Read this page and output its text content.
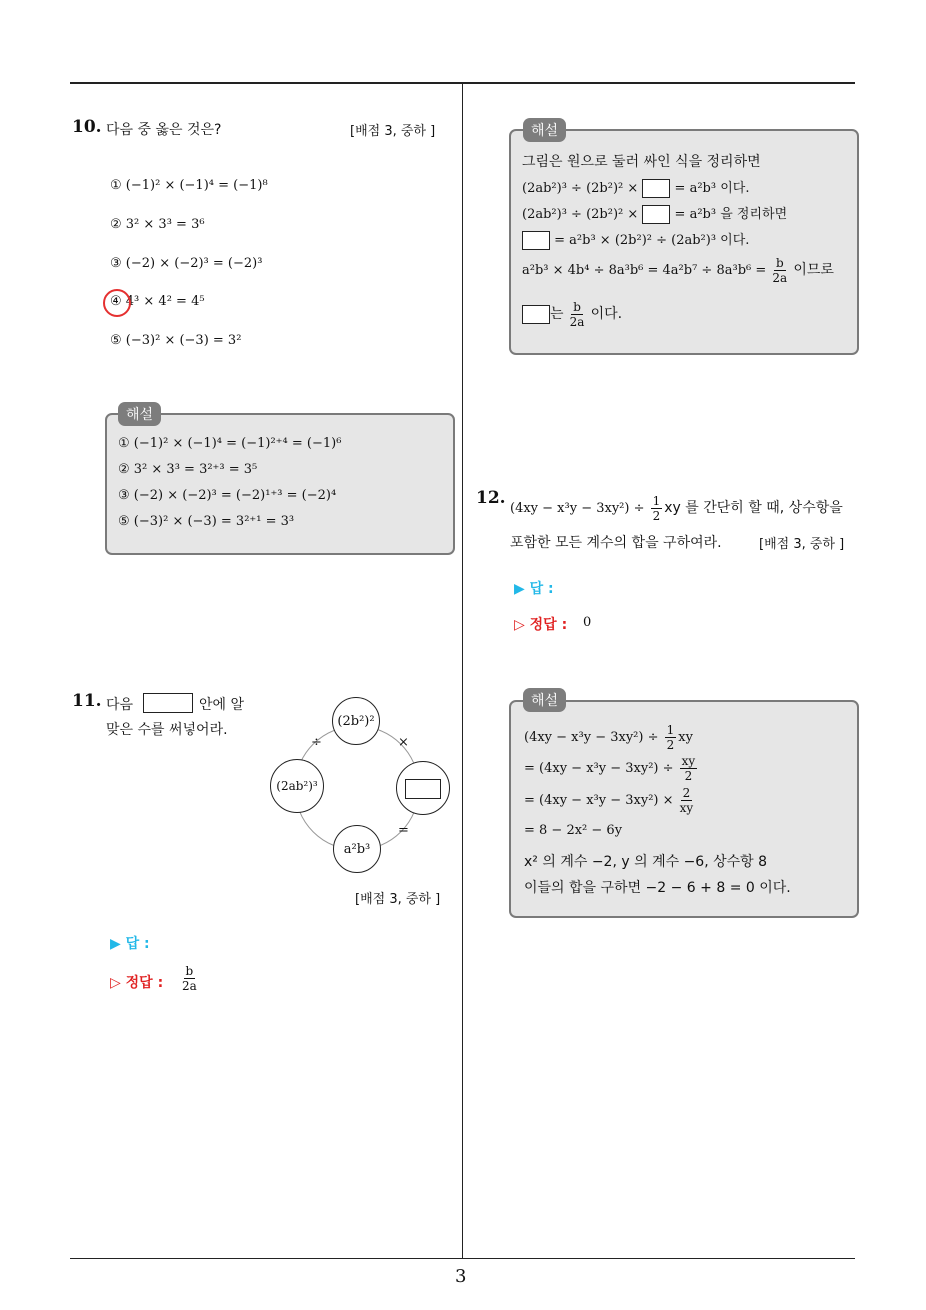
3
10. 다음 중 옳은 것은?	[배점 3, 중하 ]
① (−1)² × (−1)⁴ = (−1)⁸
② 3² × 3³ = 3⁶
③ (−2) × (−2)³ = (−2)³
④ 4³ × 4² = 4⁵
⑤ (−3)² × (−3) = 3²
해설
① (−1)² × (−1)⁴ = (−1)²⁺⁴ = (−1)⁶
② 3² × 3³ = 3²⁺³ = 3⁵
③ (−2) × (−2)³ = (−2)¹⁺³ = (−2)⁴
⑤ (−3)² × (−3) = 3²⁺¹ = 3³
11. 다음	안에 알
맞은 수를 써넣어라.
(2b²)²
(2ab²)³
a²b³
÷	×
=
[배점 3, 중하 ]
▶ 답 :
▷ 정답 : $\frac{b}{2a}$
해설
그림은 원으로 둘러 싸인 식을 정리하면
(2ab²)³ ÷ (2b²)² ×	= a²b³ 이다.
(2ab²)³ ÷ (2b²)² ×	= a²b³ 을 정리하면
= a²b³ × (2b²)² ÷ (2ab²)³ 이다.
$a^2b^3 \times 4b^4 \div 8a^3b^6 = 4a^2b^7 \div 8a^3b^6 = \frac{b}{2a}$ 이므로
는 $\frac{b}{2a}$ 이다.
12.
$(4xy - x^3y - 3xy^2) \div \frac{1}{2}$ xy 를 간단히 할 때, 상수항을
포함한 모든 계수의 합을 구하여라.	[배점 3, 중하 ]
▶ 답 :
▷ 정답 : 0
해설
$(4xy - x^3y - 3xy^2) \div \frac{1}{2}$ xy
= $(4xy - x^3y - 3xy^2) \div \frac{xy}{2}$
= $(4xy - x^3y - 3xy^2) \times \frac{2}{xy}$
= 8 − 2x² − 6y
x² 의 계수 −2, y 의 계수 −6, 상수항 8
이들의 합을 구하면 −2 − 6 + 8 = 0 이다.
